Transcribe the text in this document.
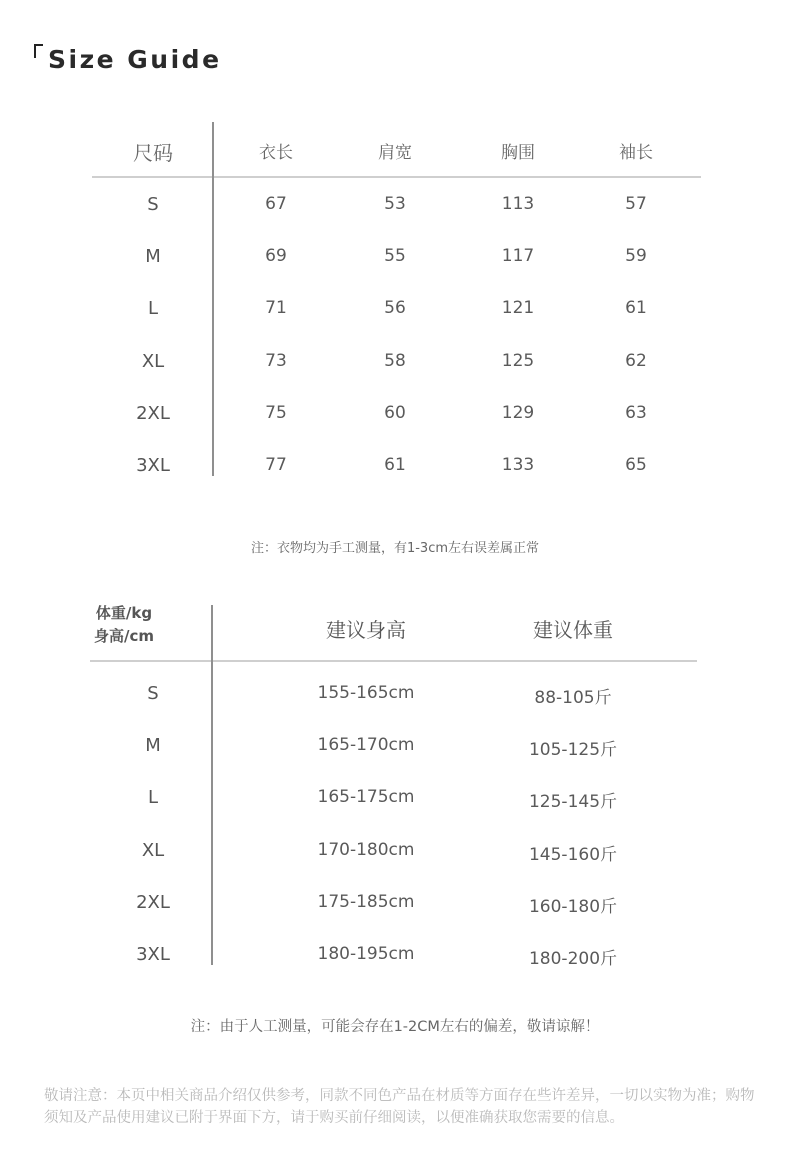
Size Guide
尺码	衣长	肩宽	胸围	袖长
S	67	53	113	57
M	69	55	117	59
L	71	56	121	61
XL	73	58	125	62
2XL	75	60	129	63
3XL	77	61	133	65
注：衣物均为手工测量，有1-3cm左右误差属正常
体重/kg
身高/cm	建议身高	建议体重
S	155-165cm	88-105斤
M	165-170cm	105-125斤
L	165-175cm	125-145斤
XL	170-180cm	145-160斤
2XL	175-185cm	160-180斤
3XL	180-195cm	180-200斤
注：由于人工测量，可能会存在1-2CM左右的偏差，敬请谅解！

敬请注意：本页中相关商品介绍仅供参考，同款不同色产品在材质等方面存在些许差异，一切以实物为准；购物须知及产品使用建议已附于界面下方，请于购买前仔细阅读，以便准确获取您需要的信息。
